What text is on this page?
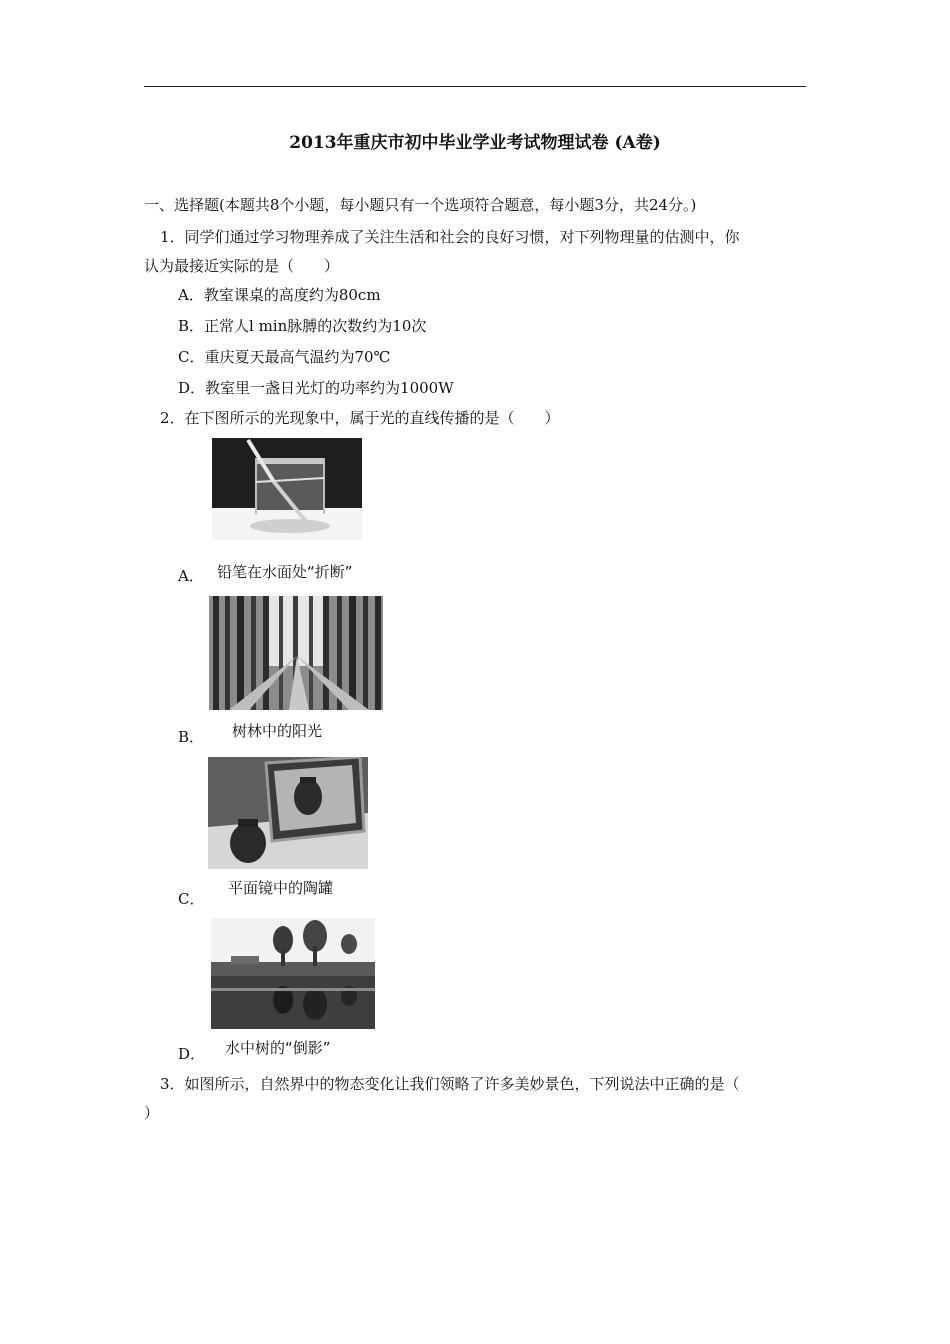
2013年重庆市初中毕业学业考试物理试卷 (A卷)
一、选择题(本题共8个小题，每小题只有一个选项符合题意，每小题3分，共24分。)
1．同学们通过学习物理养成了关注生活和社会的良好习惯，对下列物理量的估测中，你
认为最接近实际的是（　　）
A．教室课桌的高度约为80cm
B．正常人l min脉膊的次数约为10次
C．重庆夏天最高气温约为70℃
D．教室里一盏日光灯的功率约为1000W
2．在下图所示的光现象中，属于光的直线传播的是（　　）
A． 铅笔在水面处“折断”
B． 树林中的阳光
C．
平面镜中的陶罐
D． 水中树的“倒影”
3．如图所示，自然界中的物态变化让我们领略了许多美妙景色，下列说法中正确的是（
）
